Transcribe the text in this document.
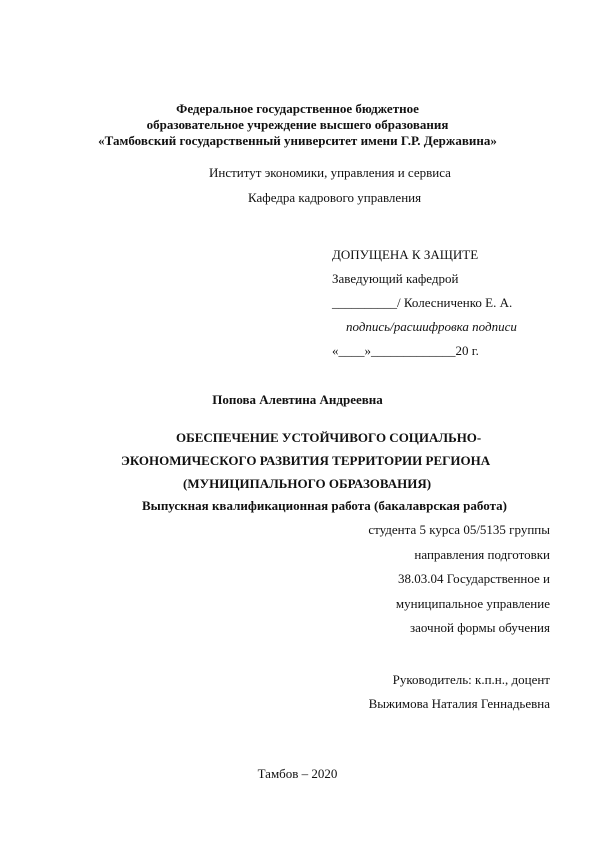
Федеральное государственное бюджетное
образовательное учреждение высшего образования
«Тамбовский государственный университет имени Г.Р. Державина»
Институт экономики, управления и сервиса
Кафедра кадрового управления
ДОПУЩЕНА К ЗАЩИТЕ
Заведующий кафедрой
__________/ Колесниченко Е. А.
подпись/расшифровка подписи
«____»_____________20 г.
Попова Алевтина Андреевна
ОБЕСПЕЧЕНИЕ УСТОЙЧИВОГО СОЦИАЛЬНО-
ЭКОНОМИЧЕСКОГО РАЗВИТИЯ ТЕРРИТОРИИ РЕГИОНА
(МУНИЦИПАЛЬНОГО ОБРАЗОВАНИЯ)
Выпускная квалификационная работа (бакалаврская работа)
студента 5 курса 05/5135 группы
направления подготовки
38.03.04 Государственное и
муниципальное управление
заочной формы обучения
Руководитель: к.п.н., доцент
Выжимова Наталия Геннадьевна
Тамбов – 2020
